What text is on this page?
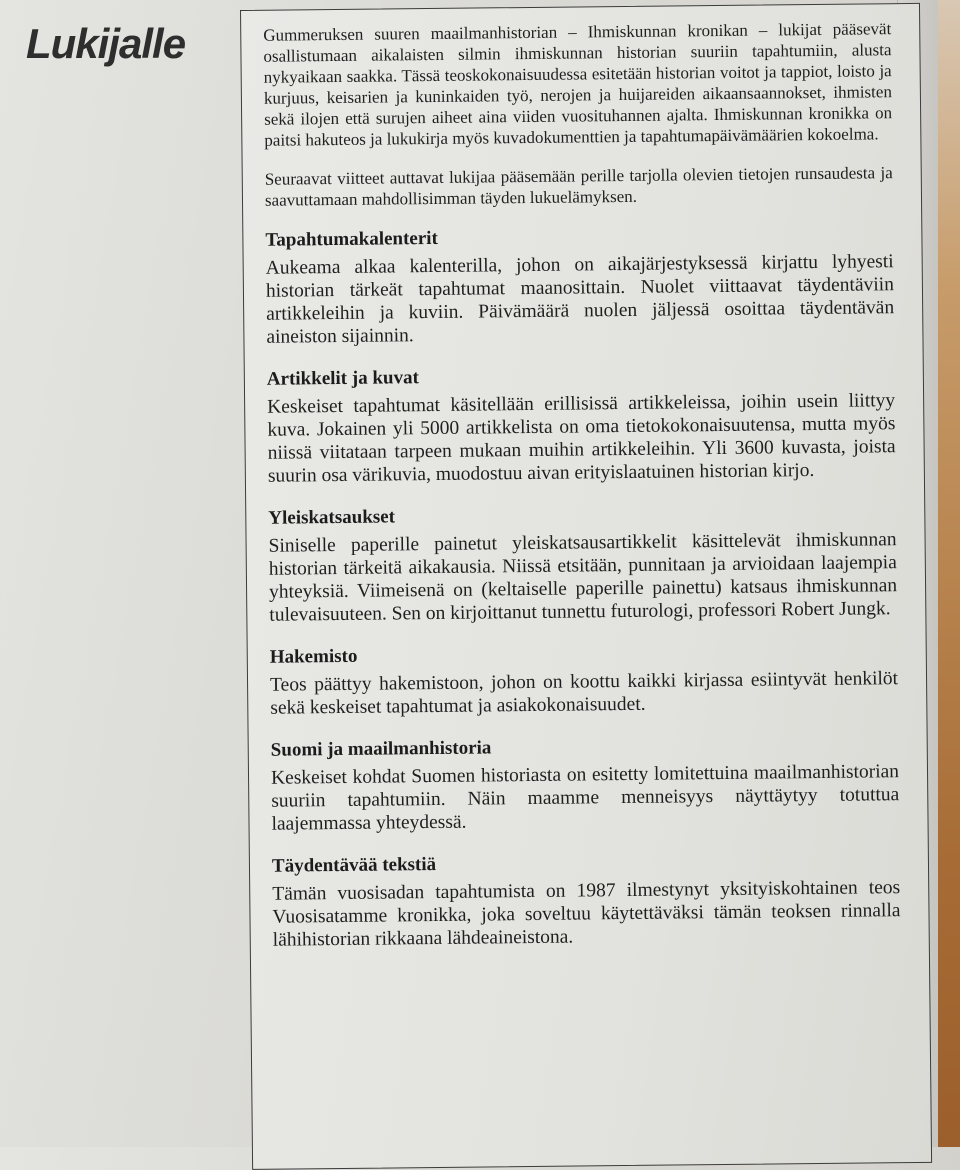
Lukijalle	Gummeruksen suuren maailmanhistorian – Ihmiskunnan kronikan – lukijat pääsevät osallistumaan aikalaisten silmin ihmiskunnan historian suuriin tapahtumiin, alusta nykyaikaan saakka. Tässä teoskokonaisuudessa esitetään historian voitot ja tappiot, loisto ja kurjuus, keisarien ja kuninkaiden työ, nerojen ja huijareiden aikaansaannokset, ihmisten sekä ilojen että surujen aiheet aina viiden vuosituhannen ajalta. Ihmiskunnan kronikka on paitsi hakuteos ja lukukirja myös kuvadokumenttien ja tapahtumapäivämäärien kokoelma.

Seuraavat viitteet auttavat lukijaa pääsemään perille tarjolla olevien tietojen runsaudesta ja saavuttamaan mahdollisimman täyden lukuelämyksen.

Tapahtumakalenterit

Aukeama alkaa kalenterilla, johon on aikajärjestyksessä kirjattu lyhyesti historian tärkeät tapahtumat maanosittain. Nuolet viittaavat täydentäviin artikkeleihin ja kuviin. Päivämäärä nuolen jäljessä osoittaa täydentävän aineiston sijainnin.

Artikkelit ja kuvat

Keskeiset tapahtumat käsitellään erillisissä artikkeleissa, joihin usein liittyy kuva. Jokainen yli 5000 artikkelista on oma tietokokonaisuutensa, mutta myös niissä viitataan tarpeen mukaan muihin artikkeleihin. Yli 3600 kuvasta, joista suurin osa värikuvia, muodostuu aivan erityislaatuinen historian kirjo.

Yleiskatsaukset

Siniselle paperille painetut yleiskatsausartikkelit käsittelevät ihmiskunnan historian tärkeitä aikakausia. Niissä etsitään, punnitaan ja arvioidaan laajempia yhteyksiä. Viimeisenä on (keltaiselle paperille painettu) katsaus ihmiskunnan tulevaisuuteen. Sen on kirjoittanut tunnettu futurologi, professori Robert Jungk.

Hakemisto

Teos päättyy hakemistoon, johon on koottu kaikki kirjassa esiintyvät henkilöt sekä keskeiset tapahtumat ja asiakokonaisuudet.

Suomi ja maailmanhistoria

Keskeiset kohdat Suomen historiasta on esitetty lomitettuina maailmanhistorian suuriin tapahtumiin. Näin maamme menneisyys näyttäytyy totuttua laajemmassa yhteydessä.

Täydentävää tekstiä

Tämän vuosisadan tapahtumista on 1987 ilmestynyt yksityiskohtainen teos Vuosisatamme kronikka, joka soveltuu käytettäväksi tämän teoksen rinnalla lähihistorian rikkaana lähdeaineistona.
